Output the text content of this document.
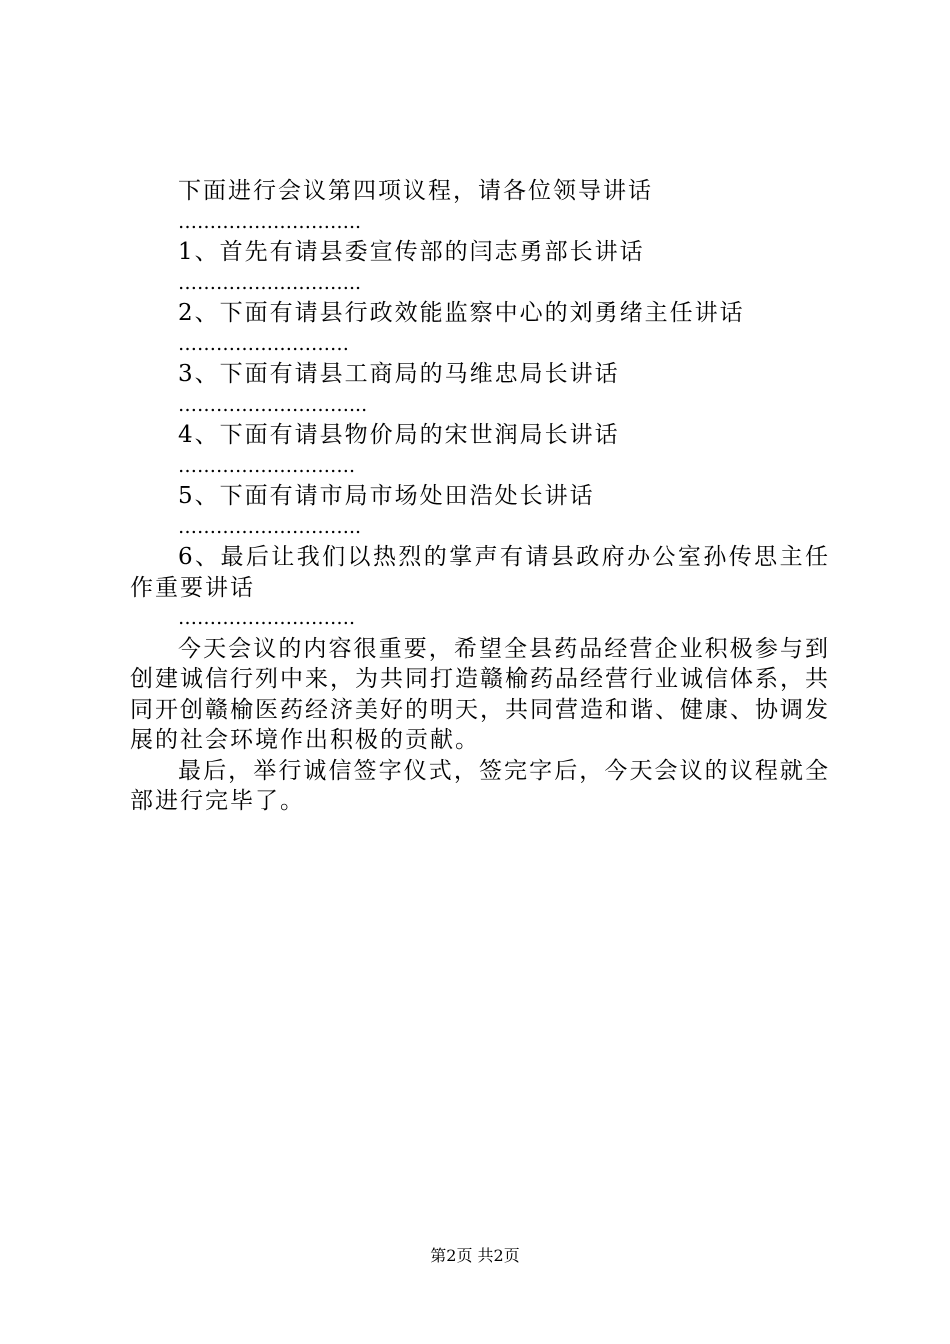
下面进行会议第四项议程，请各位领导讲话

………………………..

1、首先有请县委宣传部的闫志勇部长讲话

………………………..

2、下面有请县行政效能监察中心的刘勇绪主任讲话

………………………

3、下面有请县工商局的马维忠局长讲话

………………………...

4、下面有请县物价局的宋世润局长讲话

……………………….

5、下面有请市局市场处田浩处长讲话

………………………..

6、最后让我们以热烈的掌声有请县政府办公室孙传思主任作重要讲话

……………………….

今天会议的内容很重要，希望全县药品经营企业积极参与到创建诚信行列中来，为共同打造赣榆药品经营行业诚信体系，共同开创赣榆医药经济美好的明天，共同营造和谐、健康、协调发展的社会环境作出积极的贡献。

最后，举行诚信签字仪式，签完字后，今天会议的议程就全部进行完毕了。

第2页 共2页
